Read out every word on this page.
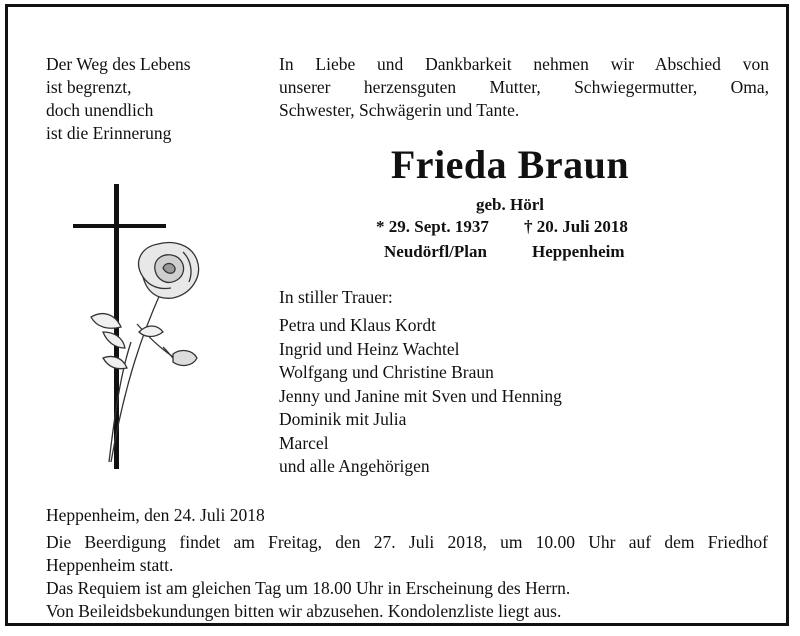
Der Weg des Lebens
ist begrenzt,
doch unendlich
ist die Erinnerung
In Liebe und Dankbarkeit nehmen wir Abschied von
unserer herzensguten Mutter, Schwiegermutter, Oma,
Schwester, Schwägerin und Tante.
Frieda Braun
geb. Hörl
* 29. Sept. 1937 † 20. Juli 2018
Neudörfl/Plan	Heppenheim
In stiller Trauer:
Petra und Klaus Kordt
Ingrid und Heinz Wachtel
Wolfgang und Christine Braun
Jenny und Janine mit Sven und Henning
Dominik mit Julia
Marcel
und alle Angehörigen
Heppenheim, den 24. Juli 2018
Die Beerdigung findet am Freitag, den 27. Juli 2018, um 10.00 Uhr auf dem Friedhof
Heppenheim statt.
Das Requiem ist am gleichen Tag um 18.00 Uhr in Erscheinung des Herrn.
Von Beileidsbekundungen bitten wir abzusehen. Kondolenzliste liegt aus.
